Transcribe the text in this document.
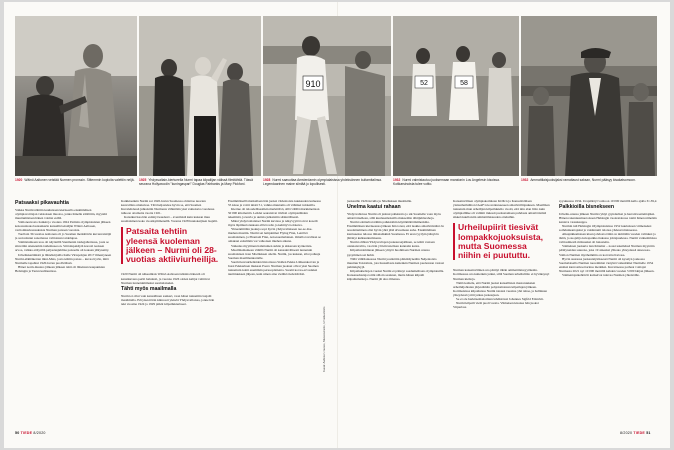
910	52	58
1920 Wäinö Aaltonen veistää Nurmen pronssin. Sittemmin kopioita valettiin neljä. 1925 Yhdysvaltain-kiertueella Nurmi tapaa kilpailijan välissä filmitähtiä. Tässä seurana Hollywoodin "kuningaspari" Douglas Fairbanks ja Mary Pickford.
1928 Nurmi saavuttaa Amsterdamin olympialaisissa yhdeksännen kultamitalinsa. Legendaarinen maine siintää jo lopullisesti.
1932 Nurmi valmistautuu juoksemaan maratonin Los Angelesin kisoissa. Kotikarsinoista tulee voitto.
1932 Ammattilaisjuoksijaksi ramaitaust saksan, Nurmi pääsyy kisakatsomoon.
Patsaaksi pikavauhtia

Valkka Nurmi nähtiin kuuluisaan kiertueella ensimmäisen olympiavoittajan veistoksen muotoa, jonka hänelle säilöttiin, myyntiä muuttumistaan hänen voimat esillä.

Valtioneuvosto hankki jo vuonna 1924 Pariisin olympialaisten jälkeen kokotaulaokolosiaankarin kansallisveistäjän Wäinö Aaltosen, vartiomisuhostauksista Nurmen patsaan vuosista.

Tuolloin 30-vuotias Aaltonen oli jo Suomen merkittävin kuvanveistäjä ja saavuttanut sanomassa valtioisten taidelupaa.

Valmistuttuaan teos oli näytteillä Stenmanin taidegalleriassa, josta se siirrettiin Ateneumin taidemuseoon. Siirtolupakäytä korosti teoksen arvoa, valkka ettäyriltä paljastusjuhlina patsaalle oli kokaan jäätyneitty.

Urheilukerämistä ja lähnökirjoilla Kalle Virtapohjan 2017 ilmestyneen Nurmi-elämäkerran mini-Mats, josta tehtiin patsas – kuvaa hyvin, mitä Nurmelle tapahtui 1920-luvun puolivälissä.

Hänet norm-muutos jälkeen jälkeen tahti oli läheisten kaupunkien Helsingin ja Turun kulttuurissa.

Kaikkiaankin Nurmi sai 1920-luvun Suomessa ohitattaa nuorten kauvaillan omakuvaa. Tätä heijastelee hyvin se, että Suomen Kuvalehdessä julkaistiin Nurmesta vähintään yksi vakiokuva vuodessa tulkoon ottamatta vuotta 1921.

Kansikuvissa hän esiintyi kaudesti – avenmistä kuin kukaan muu suomalainen koko vuosikymmenellä. Vuonna 1928 huutoketjisen laajalti.

Patsaita tehtiin yleensä kuoleman jälkeen – Nurmi oli 28-vuotias aktiiviurheilija.

1920 Nurmi oli näkeamisis Wäinö Aaltosen tulkinta hänestä oli kansikuvana periti halulesti, ja vuonna 1926 ololen kaltjat valittivat Nurmen tunnetuimmaksi suomalaiseksi.

Tähti myös maailmalla

Nurmi ei ollut vain kansallinen sankari, vaan hänet tunnettiin laajalti maailmalla. Erityisesti hän kiinnosti yleisöä Yhdysvalloissa, jonne hän teki vuosina 1924 ja 1929 pitkät kilpailukiertueet.

Ensimmäisellä matkallaan hän juoksi viidentoista kuukauden kuluessa 55 kisaa ja voitti niistä 51, valkka muutama oli vähäiset tuloksilla.

Kiertue oli taloudellisestikin merkittävä, sillä välillä markkinettaan 50 000 kilometriä. Lehdet seuraisivat tiiviisti olympiatähden tekemisiä, ja kuvia ja uutisia julkaistiin säännöllisesti.

Miksi yhdysvaltalaiset Nurmi kuvissa ja näkyvyyttä toivat koseili myös läpimurtotuskaan elävä radio ja kehittyvä elokuva.

Yhteenmittäin juokuja sopi hyvin yhdysvaltaiseen tee-se-itse-miehen mustiin. Nurmi sai lempinimet Flying Finn, Lentävä suomalainen, ja Phantom Finn, Aavesuomalainen. Omalla tavallaan se omaksui esitelmän var valkoisen miehen aikana.

Vaikutus myytiinen haluttuinen suhde ja ahkeraan kyökerista.

Maailmamaineen vääillä Nurmi oli kansainvälisesti tunnetuin suomalaisen Jean Sibeliuksen ohella. Nurmi, jos kukaan, siloi polkuja Suomen maailmankartalle.

Suomi kuvaurheileiden historiassa Sidden Pekka Lähteenkorvan ja Jussi Pekkarinen mukaan Paavo Nurmen juoksut olivat yksi Suomen tunnettuin kohti enemmän perusoplatienta. Suomi kovaa-arvostuksi nurmiuuksen jäljeen, kuin sänen aina vieläkö tiedettävästi.

Kuvat: Aaltosen museo, Museovirasto, Urheiluarkisto

juoksuille 1920-luvulla ja Sibeliuksen musiikille.

Unelma kaatui rahaan

Yhdysvalloissa Nurmi oli jasinut palkkiotta jo sik Suomelle vaan myös amatööriselleen, sillä kuulusamoksilla maksettiin tähtijuhlarahoja.

Nurmi sohtiaritai näihin palkkioihin käyttämättömämerkitte. Ensimmäisen kiertueensa jälkeen hän totesi, että tuakka amatöörisäänt ön noudattaminen olisi hyvin yhtä jäää ulvsamaan auha. Ensimmäinen kiertueensa tulossa ilmansäkkinä Suomessa. Ei uran tyydyin jäänytön jättänyt kulkuuntumisesta.

Nurmi olihlan Yhdysvaltojen juoksuraajallinen, se tehtii vastaan olennaisvaltio, vaa hän yli kiivastelisen kannatin kanta.

Kilpailutoiminnan jälkeen ylityöt huolimaan Nurmen uransa pysyminen sai huhti.

Tällä välitilanteessa Nurmi jouduttiin pätkittäyneiäin Neljentoista muuttuu Tokiotinta, jota huusallasta kuitenkin Nurmen puolestaan vastasi puhitekykyjä.

Kilpailukieltojen vuoksi Nurmi ei päässyt saadumeiltaan olympiatuilla. Kansanedustaja toimi silloin saatunet, mutta hänen kilpaili kilpailumatkoja. Nurmi jäi ulos ilmansa.

Kansainvälisen olympiakomitean KOK:n ja Kansainvälisen yleisurheiluliiton IAAF:n koventuneeseen amatöörilinjauksen. Maailman tunnetuin mun urheilijan kilpailukielto vuotti, että niin alan liitto kuin olympialliike oli valmiit tiukasti puolustamaan puhdasta amatöörismiä sikkeä kuulloisiin ammattilaisuuden otteluihin.

Urheilupiirit tiesivät lompakkojuoksuista, mutta Suomessa niihin ei puututtu.

Nurmen kansainvälinen ura päättyi tähän ammattilaissyytöksiin. Kotimaassa ura kuitenkin jatkui, sillä Suomen urheiluliitto ei hyväksynyt Nurmen kieltoja.

Tämä kohtelu, että Nurmi juoksi kansallisten mestaruuksien urheiluljohtaien järjestämän pohjoismaisten kilpailujen jälkeen. Kotimaisissa kilpailuissa Nurmi taistasi vuosina yhä rahaa, ja hallinnan yhteydessä yritti jatkaa juoksujaan.

Se ei ole harkitsemattomien lehdistössä Johannes Sigfrid Edström.

Nurmi kilpaili vielä puoli vuotta. Viimeisen kisansa hän juoksi Viipurissa

syyskuussa 1934. Urapäätöyl voittoon 10 000 metrillä kello ajalla 31.39,2.

Palkkioilla bisnekseen

Urheilu-uransa jälkeen Nurmi ryhtyi grynderiksi ja herrainvaatteittajiksi. Hänen rakennusmuotoisaan Helsingin vuokratalossa toimi hänen nimeään kantava vaatekauppa.

Nurmin tuli Helsingin Olympialaisissa 1952 kuuluisaan viimeiseksi soihdunkantajaksi ja vakiinnutti talonsa yhdessä maineessa.

Alkupäkkamaisen kisan johdosta tämä on nimittäin vuoden valituksi ja tämä, ja suojelija kuvapaikka tiukassa johtajuudessa. Nurmi vanhemmissa valtiosmiestä mittauaksi oli lunastettu.

Valmeinen juokurta tien ilmamat – nousi tekemässä Nurmen myyntiin päättyneiden suurena, joka 19 aineeksi ylikoko yhteydessä ainesosaa. Valtion Nurmen myöhemmin on korvattu Kuvasa.

Hyvin suuressa juoksunäytöksessä Nurmi oli kyselyn joukossa Suomalaisella Nurmen tuoreimmat vietyinä vaikuttimet Nurmelle 1954 ensiksi kierrosmoottorinsa merkiksi. Kuvattaessa parhaat voittajat Nurmesta 2021 nyt 10 000 metrillä kahden vuoden 5 000 lahjan jälkeen.

Valmentajantehtävät kaitseivat tulevaa Nurmen yhteisöille.

50 TIEDE 8/2020	8/2020 TIEDE 51
